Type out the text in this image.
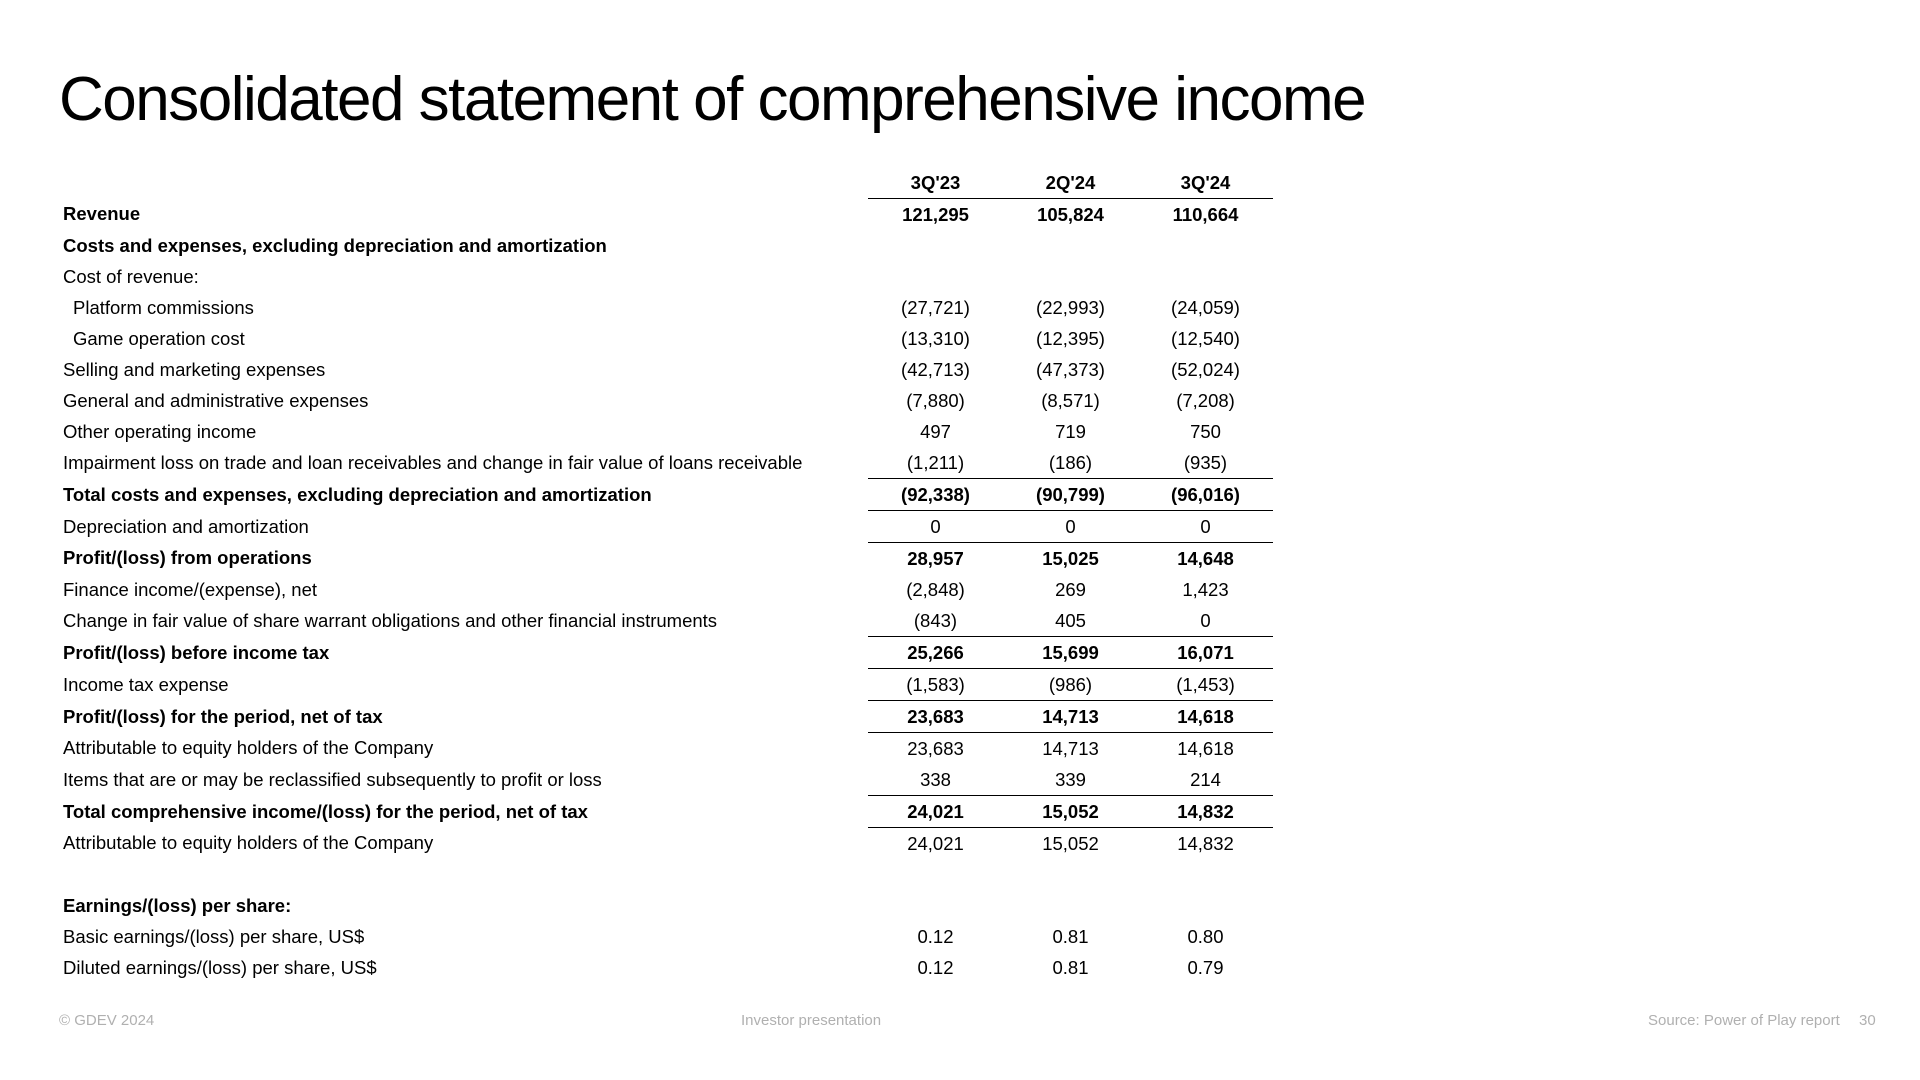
Consolidated statement of comprehensive income
	3Q'23	2Q'24	3Q'24
Revenue	121,295	105,824	110,664
Costs and expenses, excluding depreciation and amortization			
Cost of revenue:			
Platform commissions	(27,721)	(22,993)	(24,059)
Game operation cost	(13,310)	(12,395)	(12,540)
Selling and marketing expenses	(42,713)	(47,373)	(52,024)
General and administrative expenses	(7,880)	(8,571)	(7,208)
Other operating income	497	719	750
Impairment loss on trade and loan receivables and change in fair value of loans receivable	(1,211)	(186)	(935)
Total costs and expenses, excluding depreciation and amortization	(92,338)	(90,799)	(96,016)
Depreciation and amortization	0	0	0
Profit/(loss) from operations	28,957	15,025	14,648
Finance income/(expense), net	(2,848)	269	1,423
Change in fair value of share warrant obligations and other financial instruments	(843)	405	0
Profit/(loss) before income tax	25,266	15,699	16,071
Income tax expense	(1,583)	(986)	(1,453)
Profit/(loss) for the period, net of tax	23,683	14,713	14,618
Attributable to equity holders of the Company	23,683	14,713	14,618
Items that are or may be reclassified subsequently to profit or loss	338	339	214
Total comprehensive income/(loss) for the period, net of tax	24,021	15,052	14,832
Attributable to equity holders of the Company	24,021	15,052	14,832

Earnings/(loss) per share:			
Basic earnings/(loss) per share, US$	0.12	0.81	0.80
Diluted earnings/(loss) per share, US$	0.12	0.81	0.79
© GDEV 2024	Investor presentation	Source: Power of Play report 30
